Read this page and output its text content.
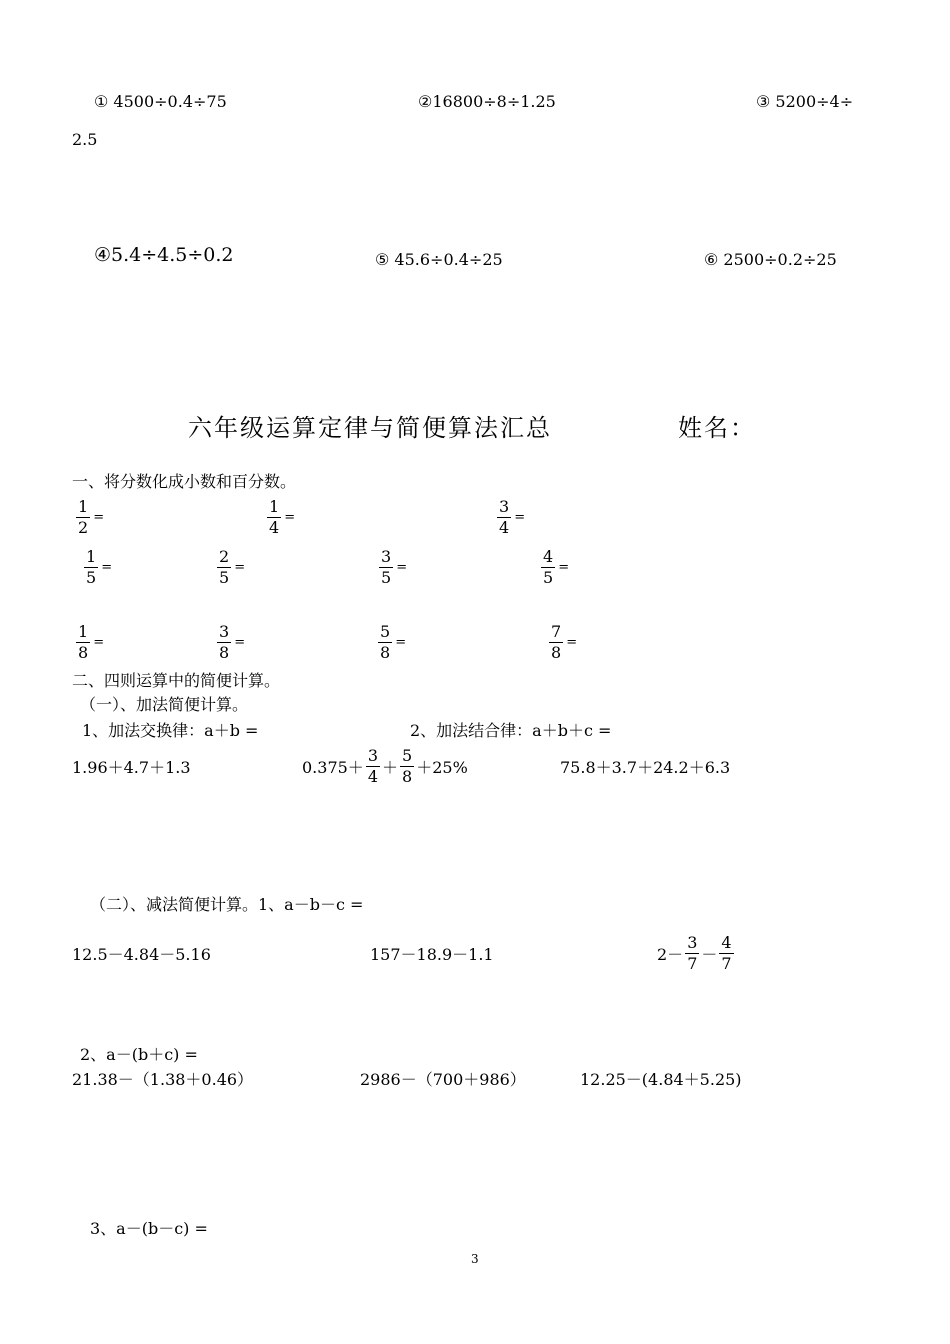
① 4500÷0.4÷75	②16800÷8÷1.25	③ 5200÷4÷
2.5
④5.4÷4.5÷0.2	⑤ 45.6÷0.4÷25	⑥ 2500÷0.2÷25
六年级运算定律与简便算法汇总	姓名：
一、将分数化成小数和百分数。
$\frac{1}{2}$ =	$\frac{1}{4}$ =	$\frac{3}{4}$ =
$\frac{1}{5}$ =	$\frac{2}{5}$ =	$\frac{3}{5}$ =	$\frac{4}{5}$ =
$\frac{1}{8}$ =	$\frac{3}{8}$ =	$\frac{5}{8}$ =	$\frac{7}{8}$ =
二、四则运算中的简便计算。
（一）、加法简便计算。
1、加法交换律：a＋b =	2、加法结合律：a＋b＋c =
1.96＋4.7＋1.3	0.375＋
3
4 ＋
5
8 ＋25%	75.8＋3.7＋24.2＋6.3
（二）、减法简便计算。1、a－b－c =
12.5－4.84－5.16	157－18.9－1.1	2－
3
7 －
4
7
2、a－(b＋c) =
21.38－（1.38＋0.46）	2986－（700＋986）	12.25－(4.84＋5.25)
3、a－(b－c) =
3
